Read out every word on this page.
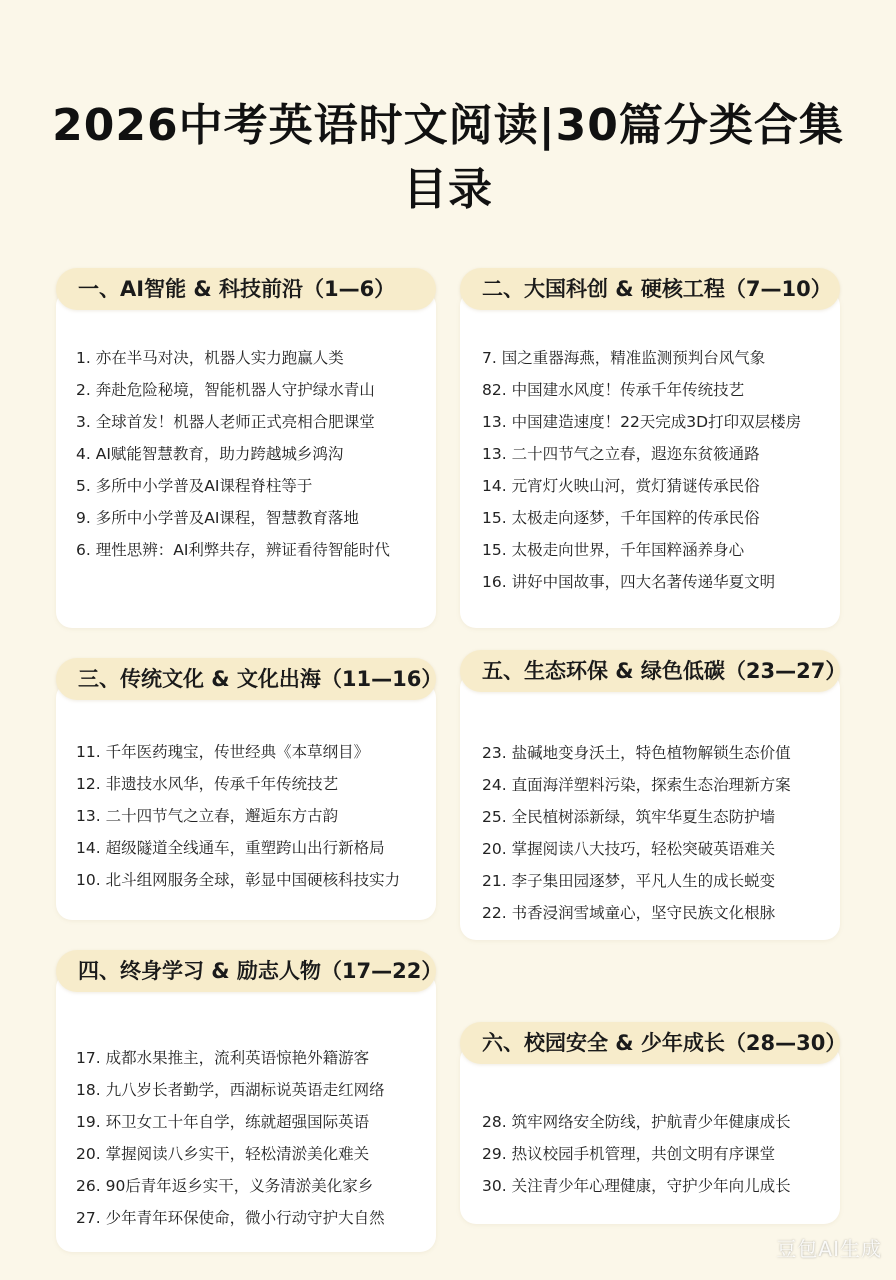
2026中考英语时文阅读|30篇分类合集
目录
一、AI智能 & 科技前沿（1—6）
1. 亦在半马对决，机器人实力跑赢人类
2. 奔赴危险秘境，智能机器人守护绿水青山
3. 全球首发！机器人老师正式亮相合肥课堂
4. AI赋能智慧教育，助力跨越城乡鸿沟
5. 多所中小学普及AI课程脊柱等于
9. 多所中小学普及AI课程，智慧教育落地
6. 理性思辨：AI利弊共存，辨证看待智能时代
二、大国科创 & 硬核工程（7—10）
7. 国之重器海燕，精准监测预判台风气象
82. 中国建水风度！传承千年传统技艺
13. 中国建造速度！22天完成3D打印双层楼房
13. 二十四节气之立春，遐迩东贫筱通路
14. 元宵灯火映山河，赏灯猜谜传承民俗
15. 太极走向逐梦，千年国粹的传承民俗
15. 太极走向世界，千年国粹涵养身心
16. 讲好中国故事，四大名著传递华夏文明
三、传统文化 & 文化出海（11—16）
11. 千年医药瑰宝，传世经典《本草纲目》
12. 非遗技水风华，传承千年传统技艺
13. 二十四节气之立春，邂逅东方古韵
14. 超级隧道全线通车，重塑跨山出行新格局
10. 北斗组网服务全球，彰显中国硬核科技实力
五、生态环保 & 绿色低碳（23—27）
23. 盐碱地变身沃土，特色植物解锁生态价值
24. 直面海洋塑料污染，探索生态治理新方案
25. 全民植树添新绿，筑牢华夏生态防护墙
20. 掌握阅读八大技巧，轻松突破英语难关
21. 李子集田园逐梦，平凡人生的成长蜕变
22. 书香浸润雪域童心，坚守民族文化根脉
四、终身学习 & 励志人物（17—22）
17. 成都水果推主，流利英语惊艳外籍游客
18. 九八岁长者勤学，西湖标说英语走红网络
19. 环卫女工十年自学，练就超强国际英语
20. 掌握阅读八乡实干，轻松清淤美化难关
26. 90后青年返乡实干，义务清淤美化家乡
27. 少年青年环保使命，微小行动守护大自然
六、校园安全 & 少年成长（28—30）
28. 筑牢网络安全防线，护航青少年健康成长
29. 热议校园手机管理，共创文明有序课堂
30. 关注青少年心理健康，守护少年向儿成长
豆包AI生成
